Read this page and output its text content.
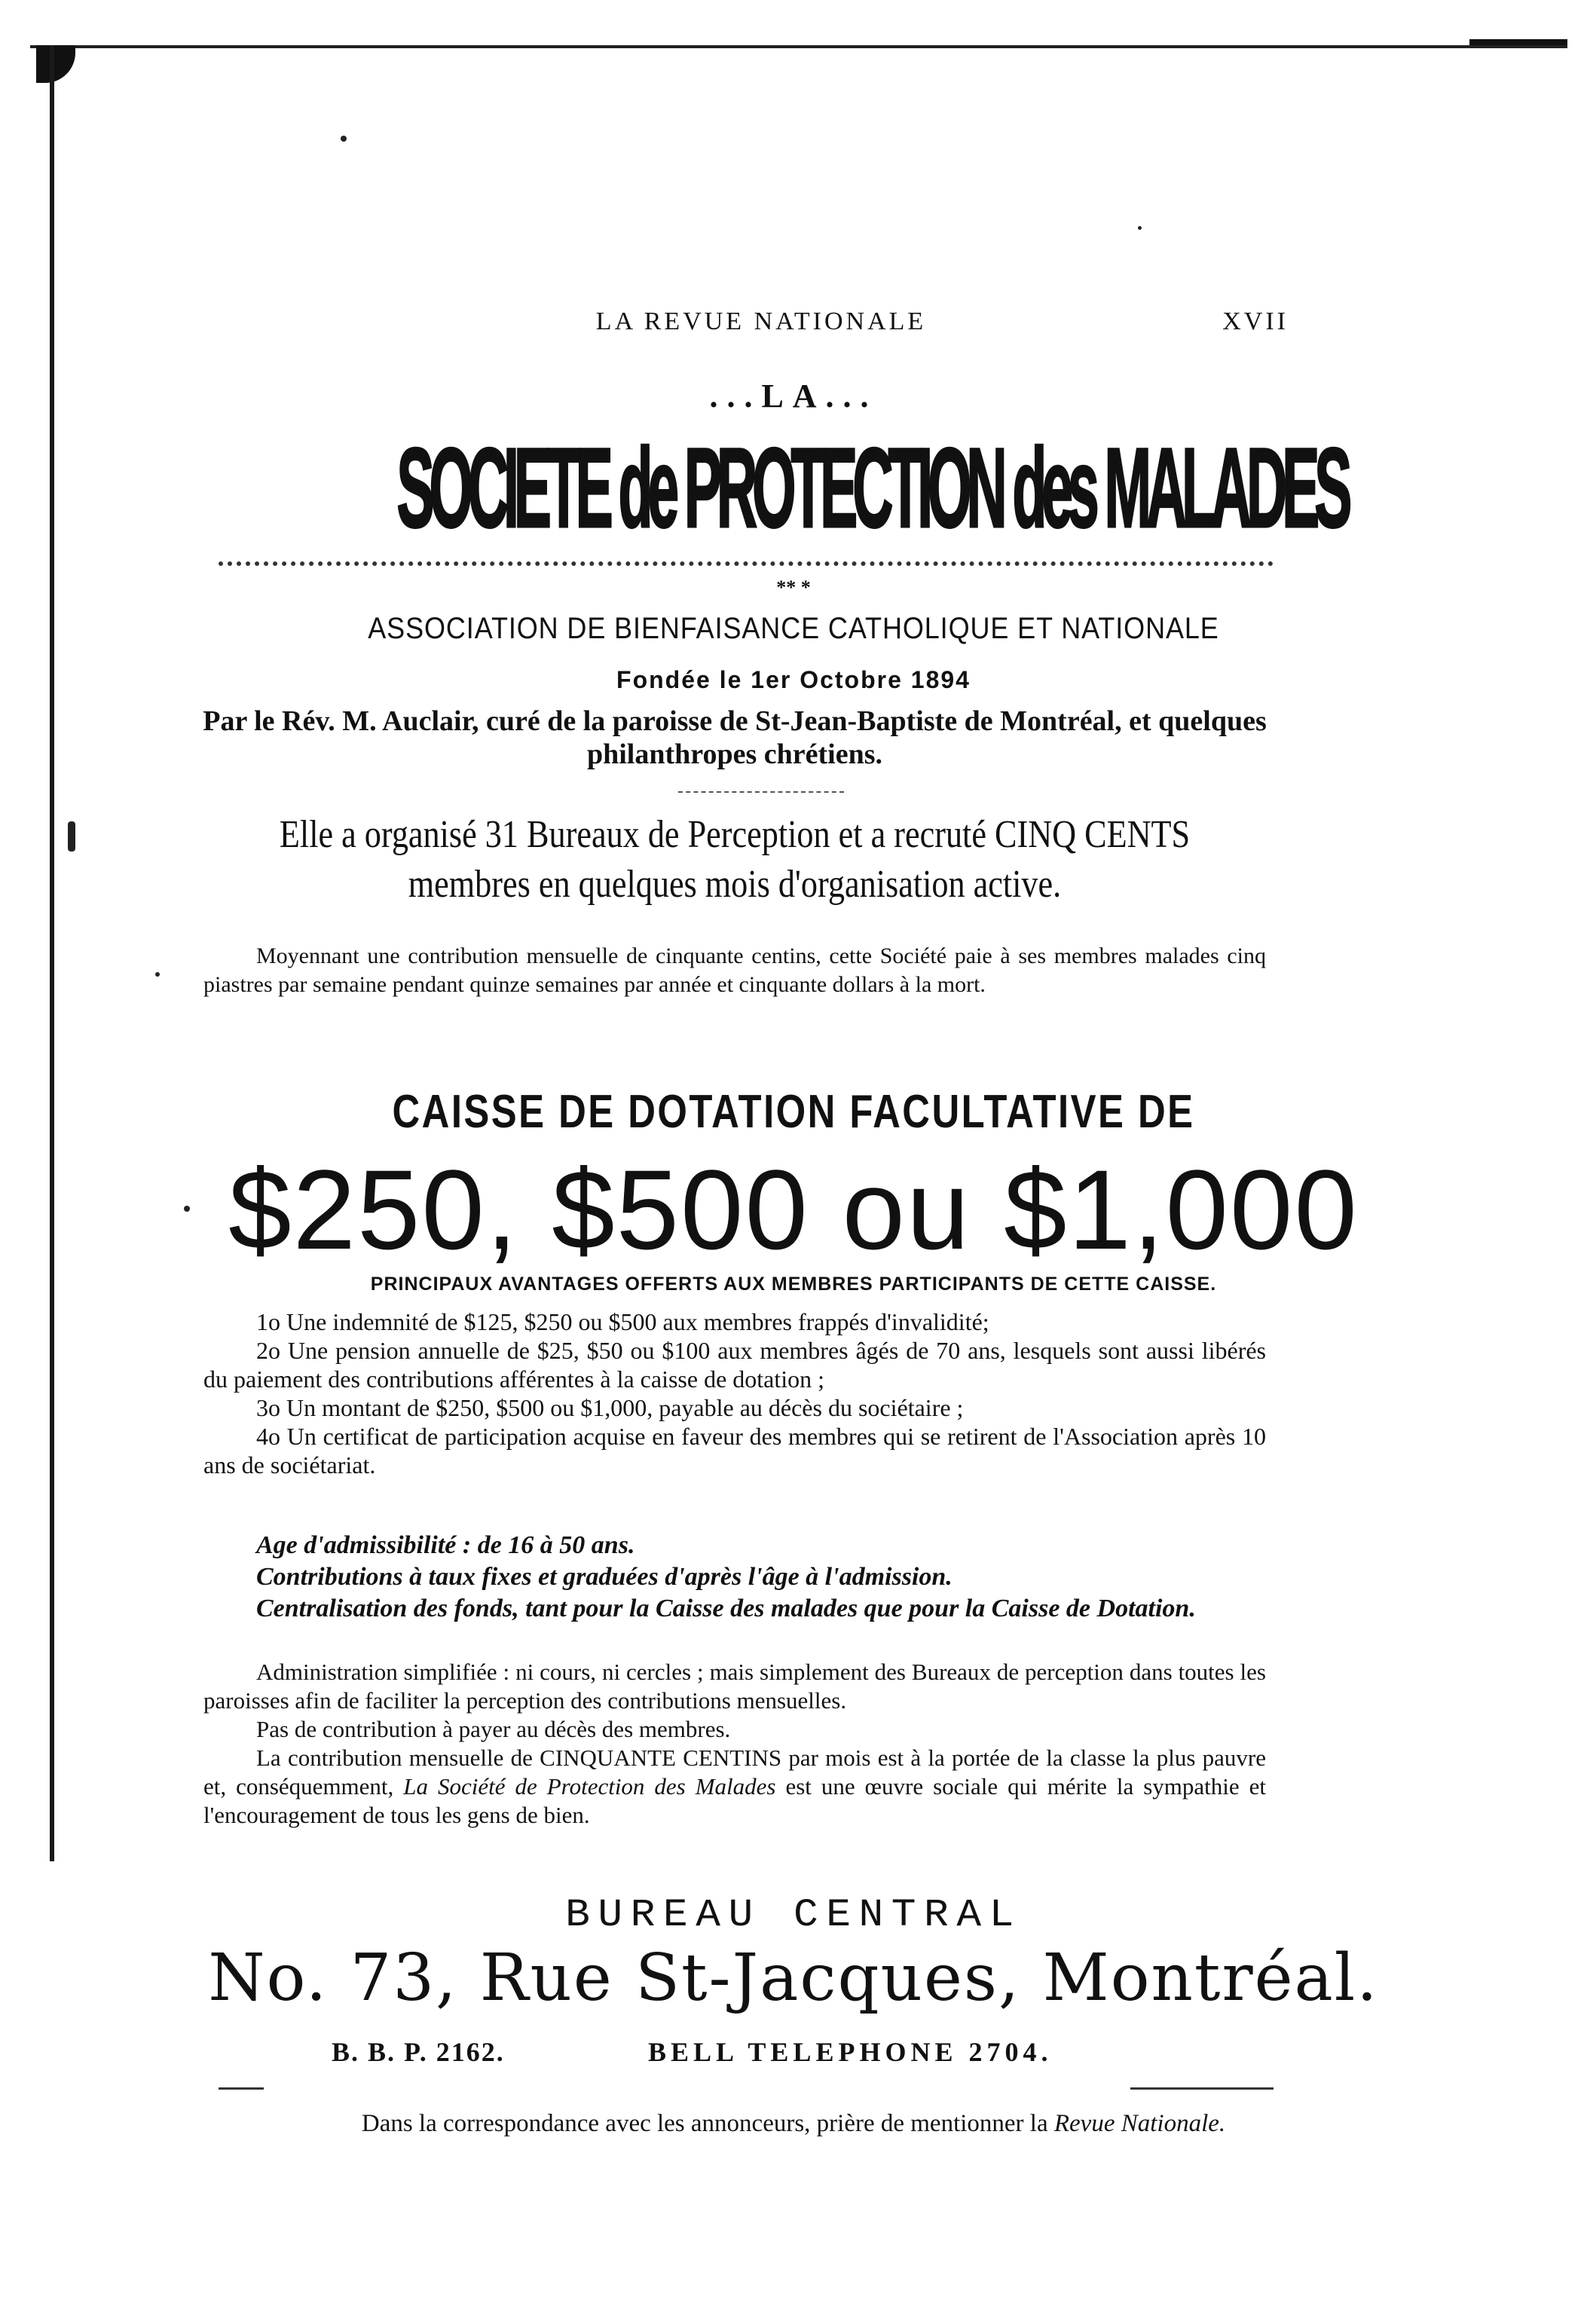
LA REVUE NATIONALE	XVII
...LA...
SOCIETE de PROTECTION des MALADES
** *
ASSOCIATION DE BIENFAISANCE CATHOLIQUE ET NATIONALE
Fondée le 1er Octobre 1894
Par le Rév. M. Auclair, curé de la paroisse de St-Jean-Baptiste de Montréal, et quelques philanthropes chrétiens.
Elle a organisé 31 Bureaux de Perception et a recruté CINQ CENTS membres en quelques mois d'organisation active.
Moyennant une contribution mensuelle de cinquante centins, cette Société paie à ses membres malades cinq piastres par semaine pendant quinze semaines par année et cinquante dollars à la mort.
CAISSE DE DOTATION FACULTATIVE DE
$250, $500 ou $1,000
PRINCIPAUX AVANTAGES OFFERTS AUX MEMBRES PARTICIPANTS DE CETTE CAISSE.

1o Une indemnité de $125, $250 ou $500 aux membres frappés d'invalidité;

2o Une pension annuelle de $25, $50 ou $100 aux membres âgés de 70 ans, lesquels sont aussi libérés du paiement des contributions afférentes à la caisse de dotation ;

3o Un montant de $250, $500 ou $1,000, payable au décès du sociétaire ;

4o Un certificat de participation acquise en faveur des membres qui se retirent de l'Association après 10 ans de sociétariat.

Age d'admissibilité : de 16 à 50 ans.

Contributions à taux fixes et graduées d'après l'âge à l'admission.

Centralisation des fonds, tant pour la Caisse des malades que pour la Caisse de Dotation.

Administration simplifiée : ni cours, ni cercles ; mais simplement des Bureaux de perception dans toutes les paroisses afin de faciliter la perception des contributions mensuelles.

Pas de contribution à payer au décès des membres.

La contribution mensuelle de CINQUANTE CENTINS par mois est à la portée de la classe la plus pauvre et, conséquemment, La Société de Protection des Malades est une œuvre sociale qui mérite la sympathie et l'encouragement de tous les gens de bien.

BUREAU CENTRAL
No. 73, Rue St-Jacques, Montréal.
B. B. P. 2162.	BELL TELEPHONE 2704.
Dans la correspondance avec les annonceurs, prière de mentionner la Revue Nationale.
